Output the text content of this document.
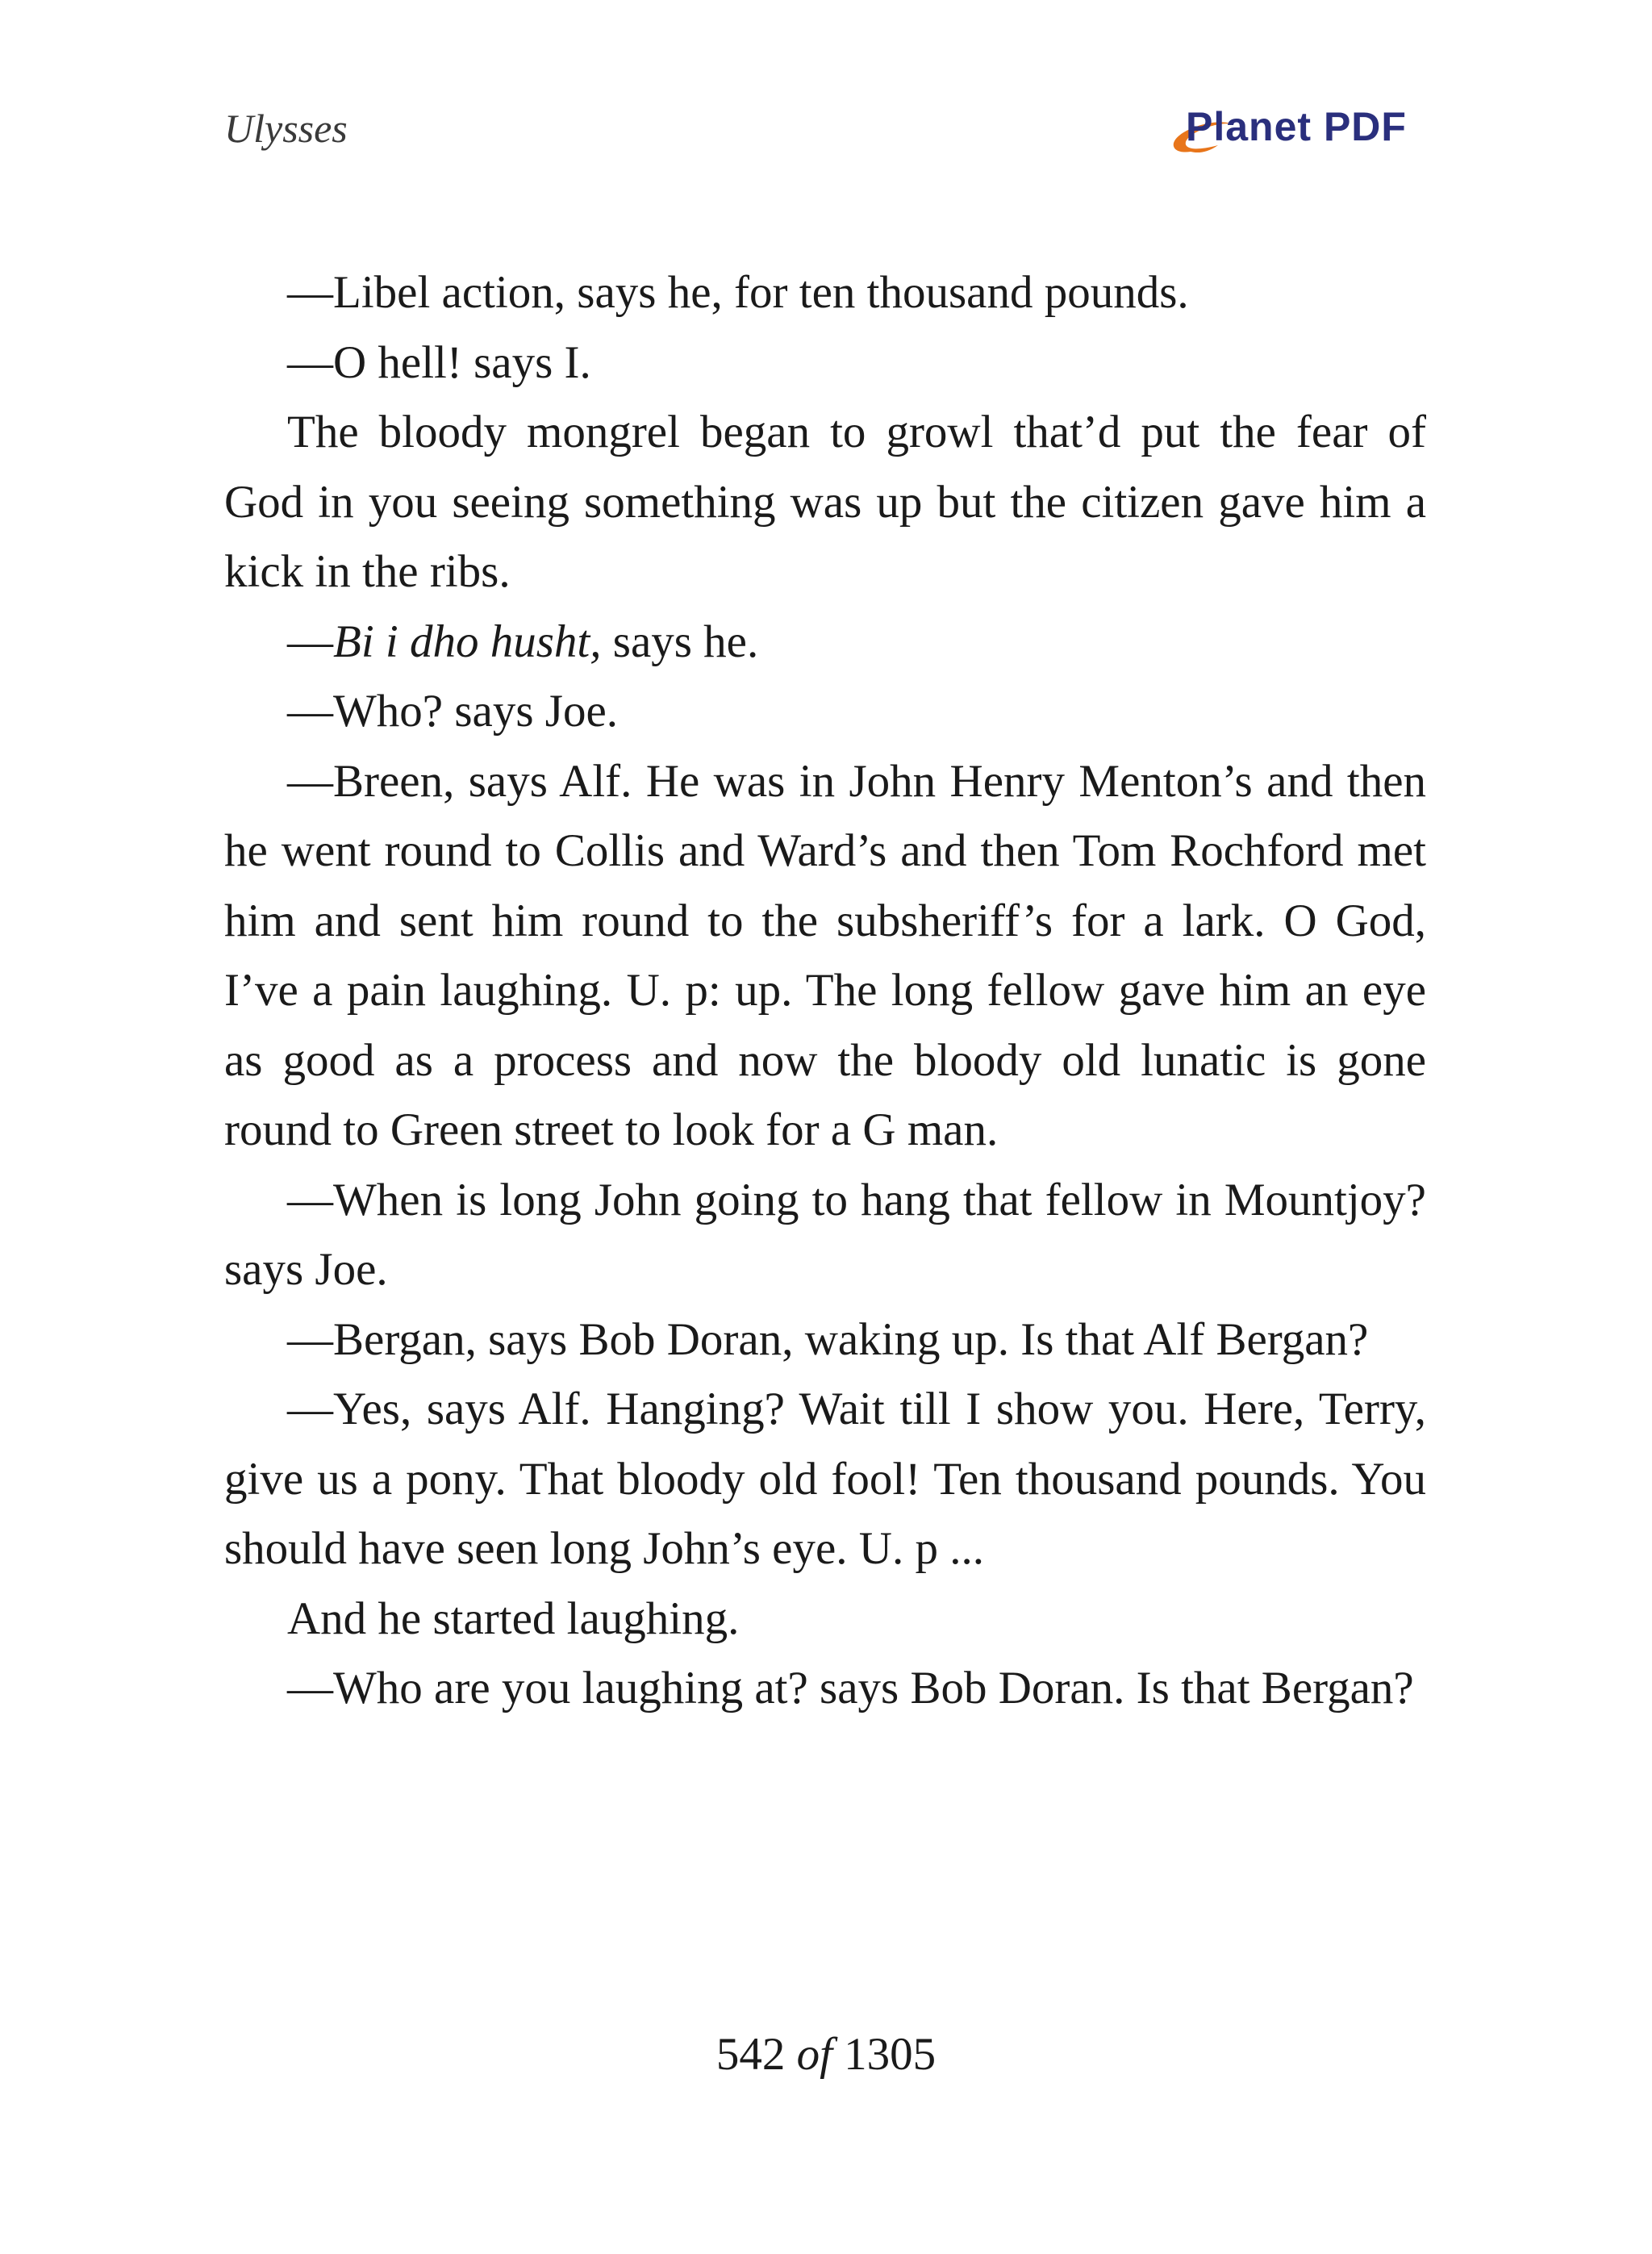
Ulysses	Planet PDF

—Libel action, says he, for ten thousand pounds.

—O hell! says I.

The bloody mongrel began to growl that’d put the fear of God in you seeing something was up but the citizen gave him a kick in the ribs.

—Bi i dho husht, says he.

—Who? says Joe.

—Breen, says Alf. He was in John Henry Menton’s and then he went round to Collis and Ward’s and then Tom Rochford met him and sent him round to the subsheriff’s for a lark. O God, I’ve a pain laughing. U. p: up. The long fellow gave him an eye as good as a process and now the bloody old lunatic is gone round to Green street to look for a G man.

—When is long John going to hang that fellow in Mountjoy? says Joe.

—Bergan, says Bob Doran, waking up. Is that Alf Bergan?

—Yes, says Alf. Hanging? Wait till I show you. Here, Terry, give us a pony. That bloody old fool! Ten thousand pounds. You should have seen long John’s eye. U. p ...

And he started laughing.

—Who are you laughing at? says Bob Doran. Is that Bergan?

542 of 1305
